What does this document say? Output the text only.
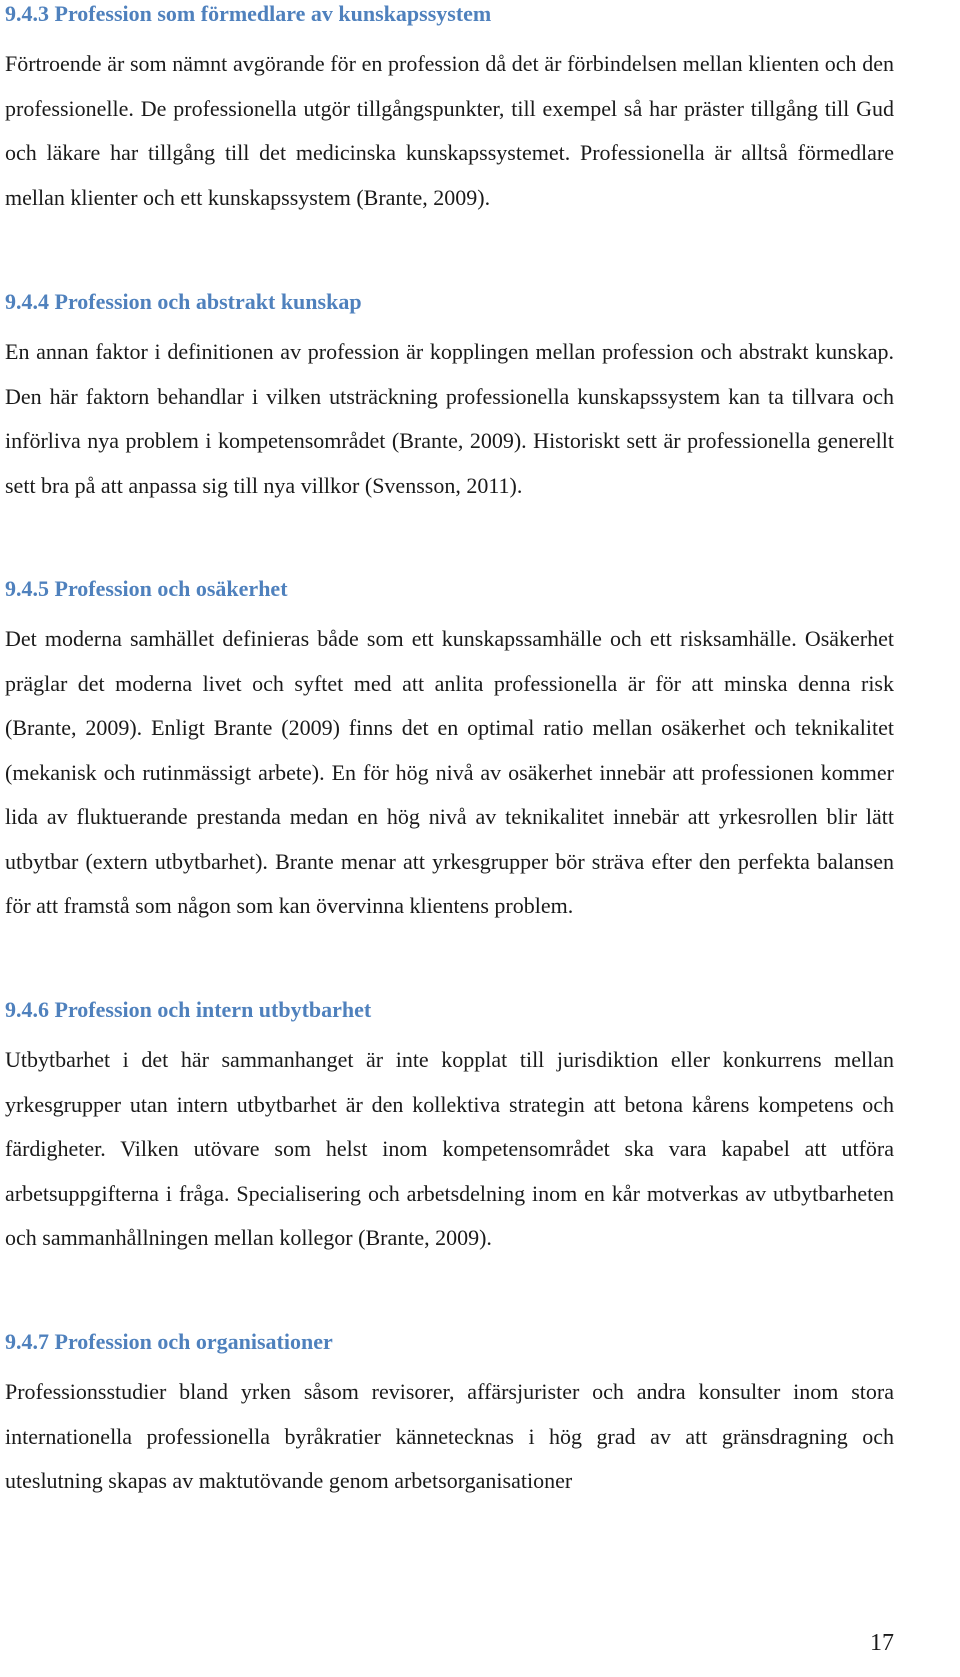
9.4.3 Profession som förmedlare av kunskapssystem

Förtroende är som nämnt avgörande för en profession då det är förbindelsen mellan klienten och den professionelle. De professionella utgör tillgångspunkter, till exempel så har präster tillgång till Gud och läkare har tillgång till det medicinska kunskapssystemet. Professionella är alltså förmedlare mellan klienter och ett kunskapssystem (Brante, 2009).

9.4.4 Profession och abstrakt kunskap

En annan faktor i definitionen av profession är kopplingen mellan profession och abstrakt kunskap. Den här faktorn behandlar i vilken utsträckning professionella kunskapssystem kan ta tillvara och införliva nya problem i kompetensområdet (Brante, 2009). Historiskt sett är professionella generellt sett bra på att anpassa sig till nya villkor (Svensson, 2011).

9.4.5 Profession och osäkerhet

Det moderna samhället definieras både som ett kunskapssamhälle och ett risksamhälle. Osäkerhet präglar det moderna livet och syftet med att anlita professionella är för att minska denna risk (Brante, 2009). Enligt Brante (2009) finns det en optimal ratio mellan osäkerhet och teknikalitet (mekanisk och rutinmässigt arbete). En för hög nivå av osäkerhet innebär att professionen kommer lida av fluktuerande prestanda medan en hög nivå av teknikalitet innebär att yrkesrollen blir lätt utbytbar (extern utbytbarhet). Brante menar att yrkesgrupper bör sträva efter den perfekta balansen för att framstå som någon som kan övervinna klientens problem.

9.4.6 Profession och intern utbytbarhet

Utbytbarhet i det här sammanhanget är inte kopplat till jurisdiktion eller konkurrens mellan yrkesgrupper utan intern utbytbarhet är den kollektiva strategin att betona kårens kompetens och färdigheter. Vilken utövare som helst inom kompetensområdet ska vara kapabel att utföra arbetsuppgifterna i fråga. Specialisering och arbetsdelning inom en kår motverkas av utbytbarheten och sammanhållningen mellan kollegor (Brante, 2009).

9.4.7 Profession och organisationer

Professionsstudier bland yrken såsom revisorer, affärsjurister och andra konsulter inom stora internationella professionella byråkratier kännetecknas i hög grad av att gränsdragning och uteslutning skapas av maktutövande genom arbetsorganisationer

17
